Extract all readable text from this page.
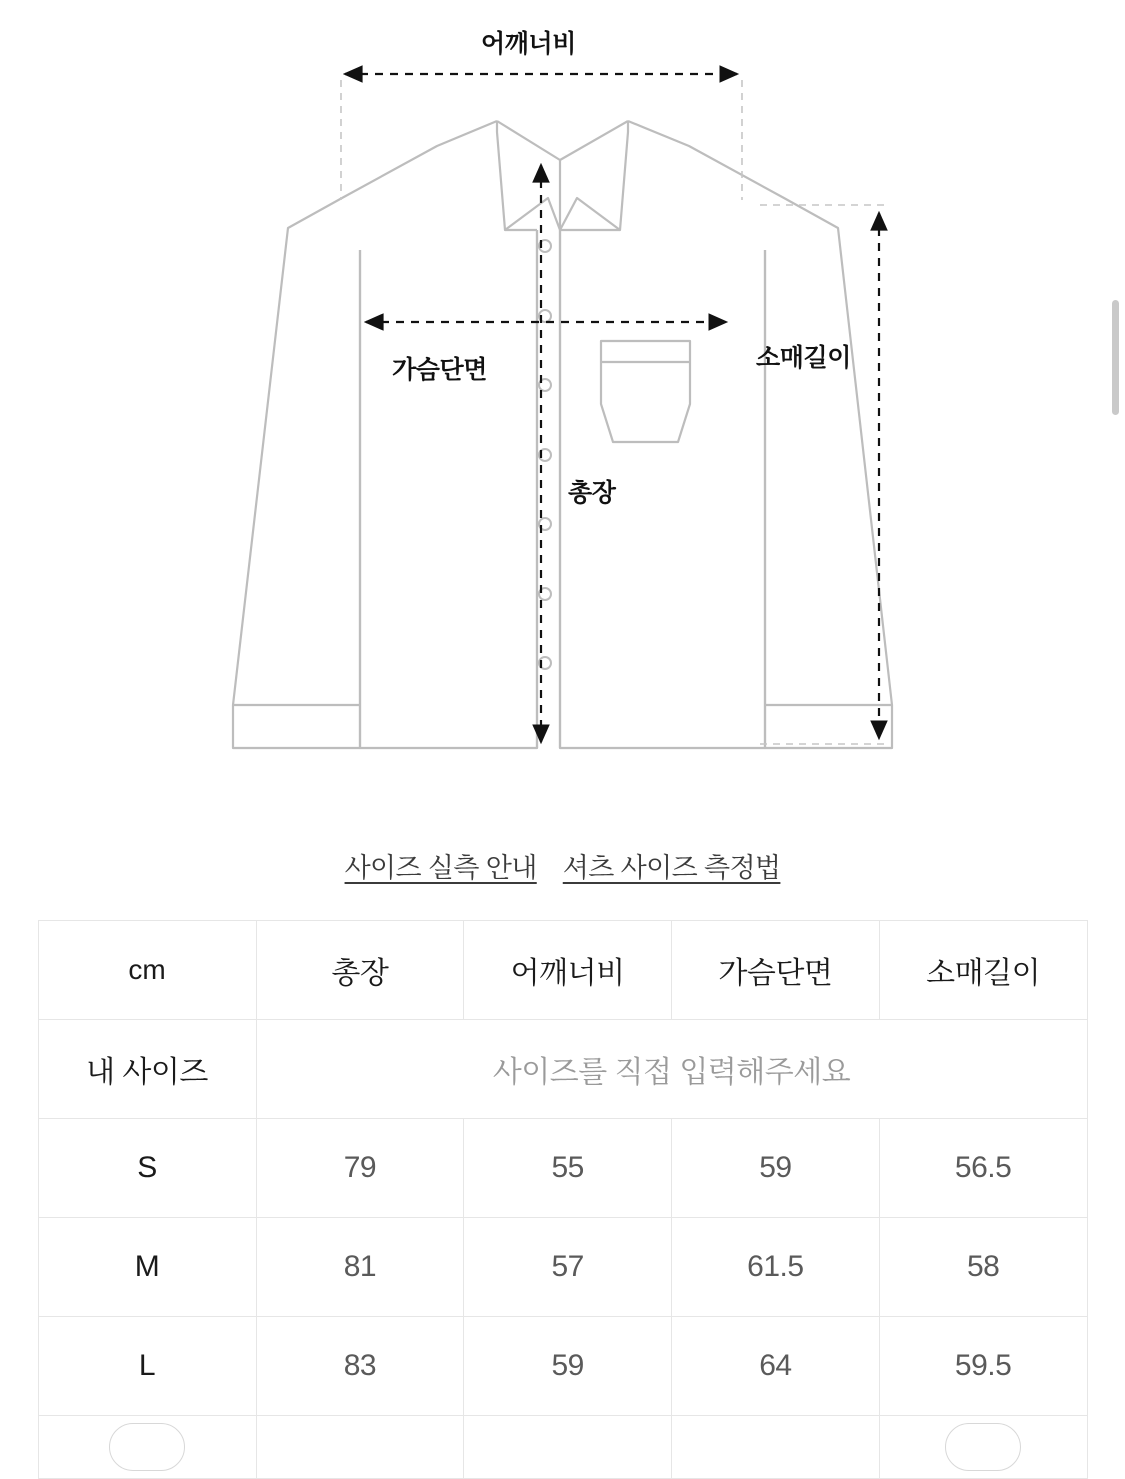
어깨너비
가슴단면	소매길이
총장
사이즈 실측 안내 셔츠 사이즈 측정법
cm	총장	어깨너비	가슴단면	소매길이
내 사이즈	사이즈를 직접 입력해주세요			
S	79	55	59	56.5
M	81	57	61.5	58
L	83	59	64	59.5
